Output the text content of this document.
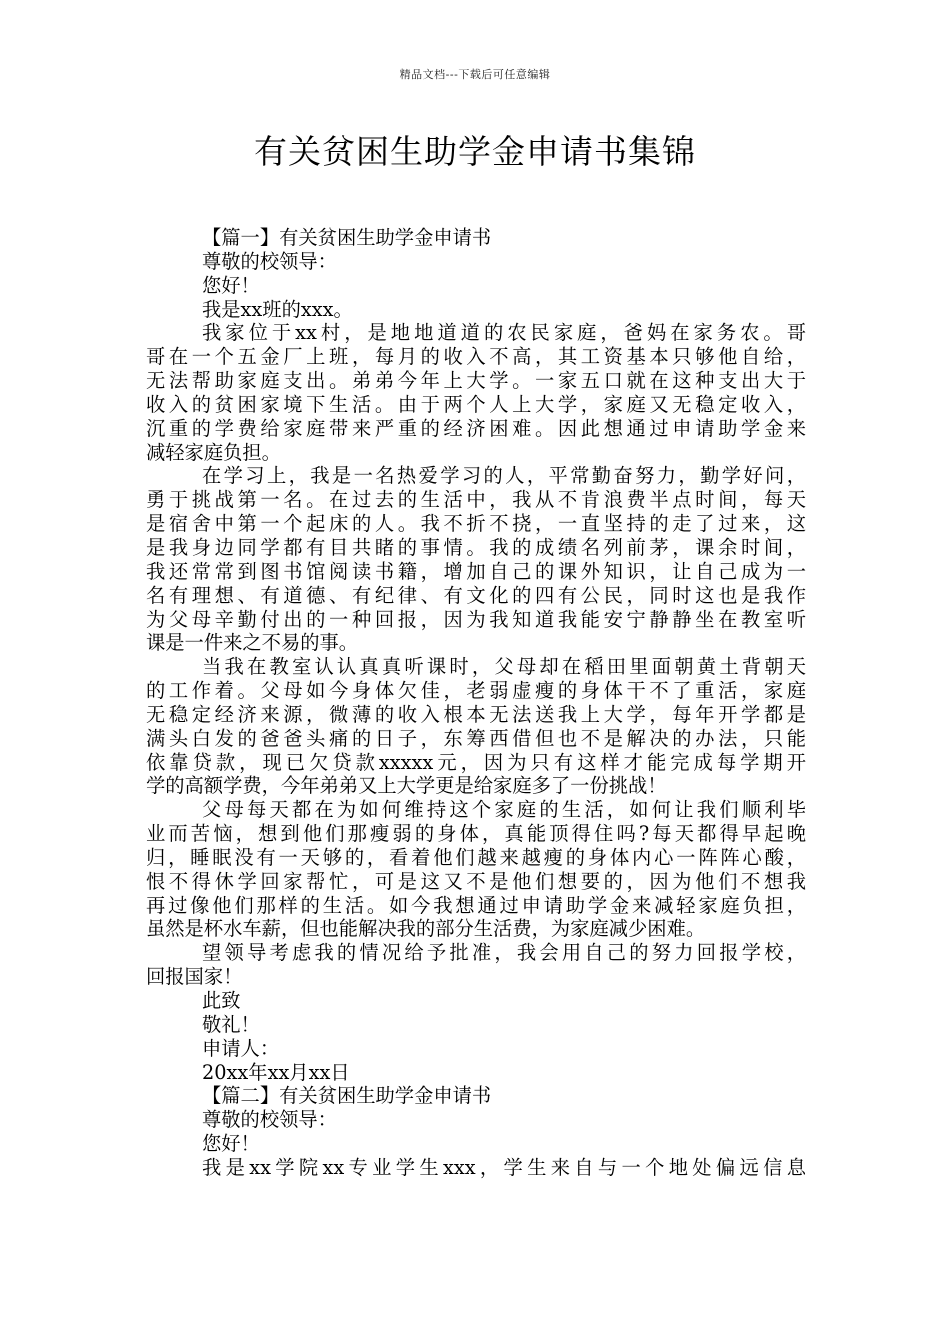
精品文档---下载后可任意编辑
有关贫困生助学金申请书集锦
【篇一】有关贫困生助学金申请书
尊敬的校领导：
您好！
我是xx班的xxx。
我家位于xx村，是地地道道的农民家庭，爸妈在家务农。哥
哥在一个五金厂上班，每月的收入不高，其工资基本只够他自给，
无法帮助家庭支出。弟弟今年上大学。一家五口就在这种支出大于
收入的贫困家境下生活。由于两个人上大学，家庭又无稳定收入，
沉重的学费给家庭带来严重的经济困难。因此想通过申请助学金来
减轻家庭负担。
在学习上，我是一名热爱学习的人，平常勤奋努力，勤学好问，
勇于挑战第一名。在过去的生活中，我从不肯浪费半点时间，每天
是宿舍中第一个起床的人。我不折不挠，一直坚持的走了过来，这
是我身边同学都有目共睹的事情。我的成绩名列前茅，课余时间，
我还常常到图书馆阅读书籍，增加自己的课外知识，让自己成为一
名有理想、有道德、有纪律、有文化的四有公民，同时这也是我作
为父母辛勤付出的一种回报，因为我知道我能安宁静静坐在教室听
课是一件来之不易的事。
当我在教室认认真真听课时，父母却在稻田里面朝黄土背朝天
的工作着。父母如今身体欠佳，老弱虚瘦的身体干不了重活，家庭
无稳定经济来源，微薄的收入根本无法送我上大学，每年开学都是
满头白发的爸爸头痛的日子，东筹西借但也不是解决的办法，只能
依靠贷款，现已欠贷款xxxxx元，因为只有这样才能完成每学期开
学的高额学费，今年弟弟又上大学更是给家庭多了一份挑战！
父母每天都在为如何维持这个家庭的生活，如何让我们顺利毕
业而苦恼，想到他们那瘦弱的身体，真能顶得住吗?每天都得早起晚
归，睡眠没有一天够的，看着他们越来越瘦的身体内心一阵阵心酸，
恨不得休学回家帮忙，可是这又不是他们想要的，因为他们不想我
再过像他们那样的生活。如今我想通过申请助学金来减轻家庭负担，
虽然是杯水车薪，但也能解决我的部分生活费，为家庭减少困难。
望领导考虑我的情况给予批准，我会用自己的努力回报学校，
回报国家！
此致
敬礼！
申请人：
20xx年xx月xx日
【篇二】有关贫困生助学金申请书
尊敬的校领导：
您好！
我是xx学院xx专业学生xxx，学生来自与一个地处偏远信息
